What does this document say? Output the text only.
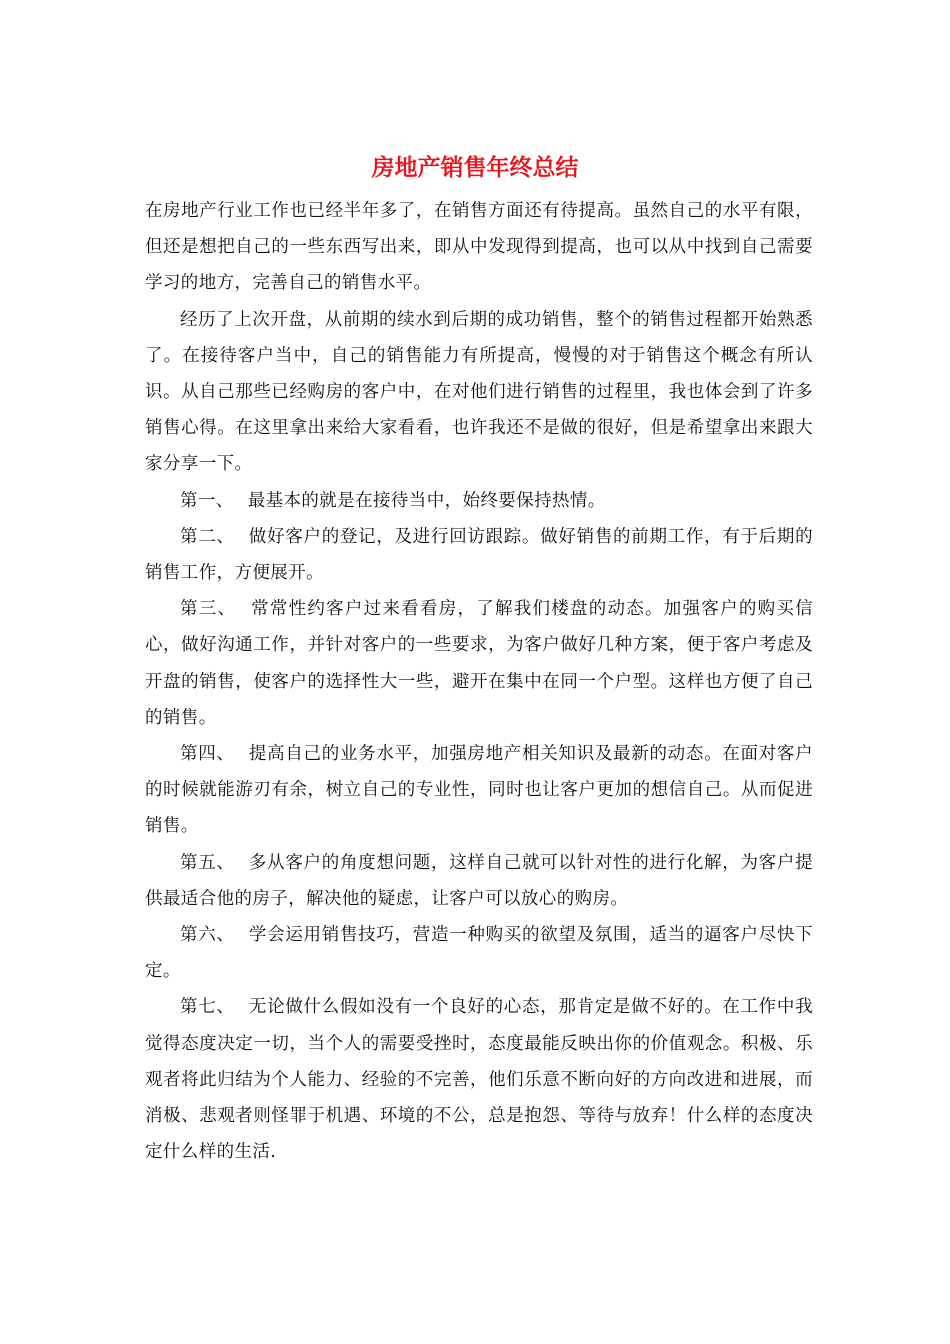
房地产销售年终总结

在房地产行业工作也已经半年多了，在销售方面还有待提高。虽然自己的水平有限，但还是想把自己的一些东西写出来，即从中发现得到提高，也可以从中找到自己需要学习的地方，完善自己的销售水平。

经历了上次开盘，从前期的续水到后期的成功销售，整个的销售过程都开始熟悉了。在接待客户当中，自己的销售能力有所提高，慢慢的对于销售这个概念有所认识。从自己那些已经购房的客户中，在对他们进行销售的过程里，我也体会到了许多销售心得。在这里拿出来给大家看看，也许我还不是做的很好，但是希望拿出来跟大家分享一下。

第一、 最基本的就是在接待当中，始终要保持热情。

第二、 做好客户的登记，及进行回访跟踪。做好销售的前期工作，有于后期的销售工作，方便展开。

第三、 常常性约客户过来看看房，了解我们楼盘的动态。加强客户的购买信心，做好沟通工作，并针对客户的一些要求，为客户做好几种方案，便于客户考虑及开盘的销售，使客户的选择性大一些，避开在集中在同一个户型。这样也方便了自己的销售。

第四、 提高自己的业务水平，加强房地产相关知识及最新的动态。在面对客户的时候就能游刃有余，树立自己的专业性，同时也让客户更加的想信自己。从而促进销售。

第五、 多从客户的角度想问题，这样自己就可以针对性的进行化解，为客户提供最适合他的房子，解决他的疑虑，让客户可以放心的购房。

第六、 学会运用销售技巧，营造一种购买的欲望及氛围，适当的逼客户尽快下定。

第七、 无论做什么假如没有一个良好的心态，那肯定是做不好的。在工作中我觉得态度决定一切，当个人的需要受挫时，态度最能反映出你的价值观念。积极、乐观者将此归结为个人能力、经验的不完善，他们乐意不断向好的方向改进和进展，而消极、悲观者则怪罪于机遇、环境的不公，总是抱怨、等待与放弃！什么样的态度决定什么样的生活.
